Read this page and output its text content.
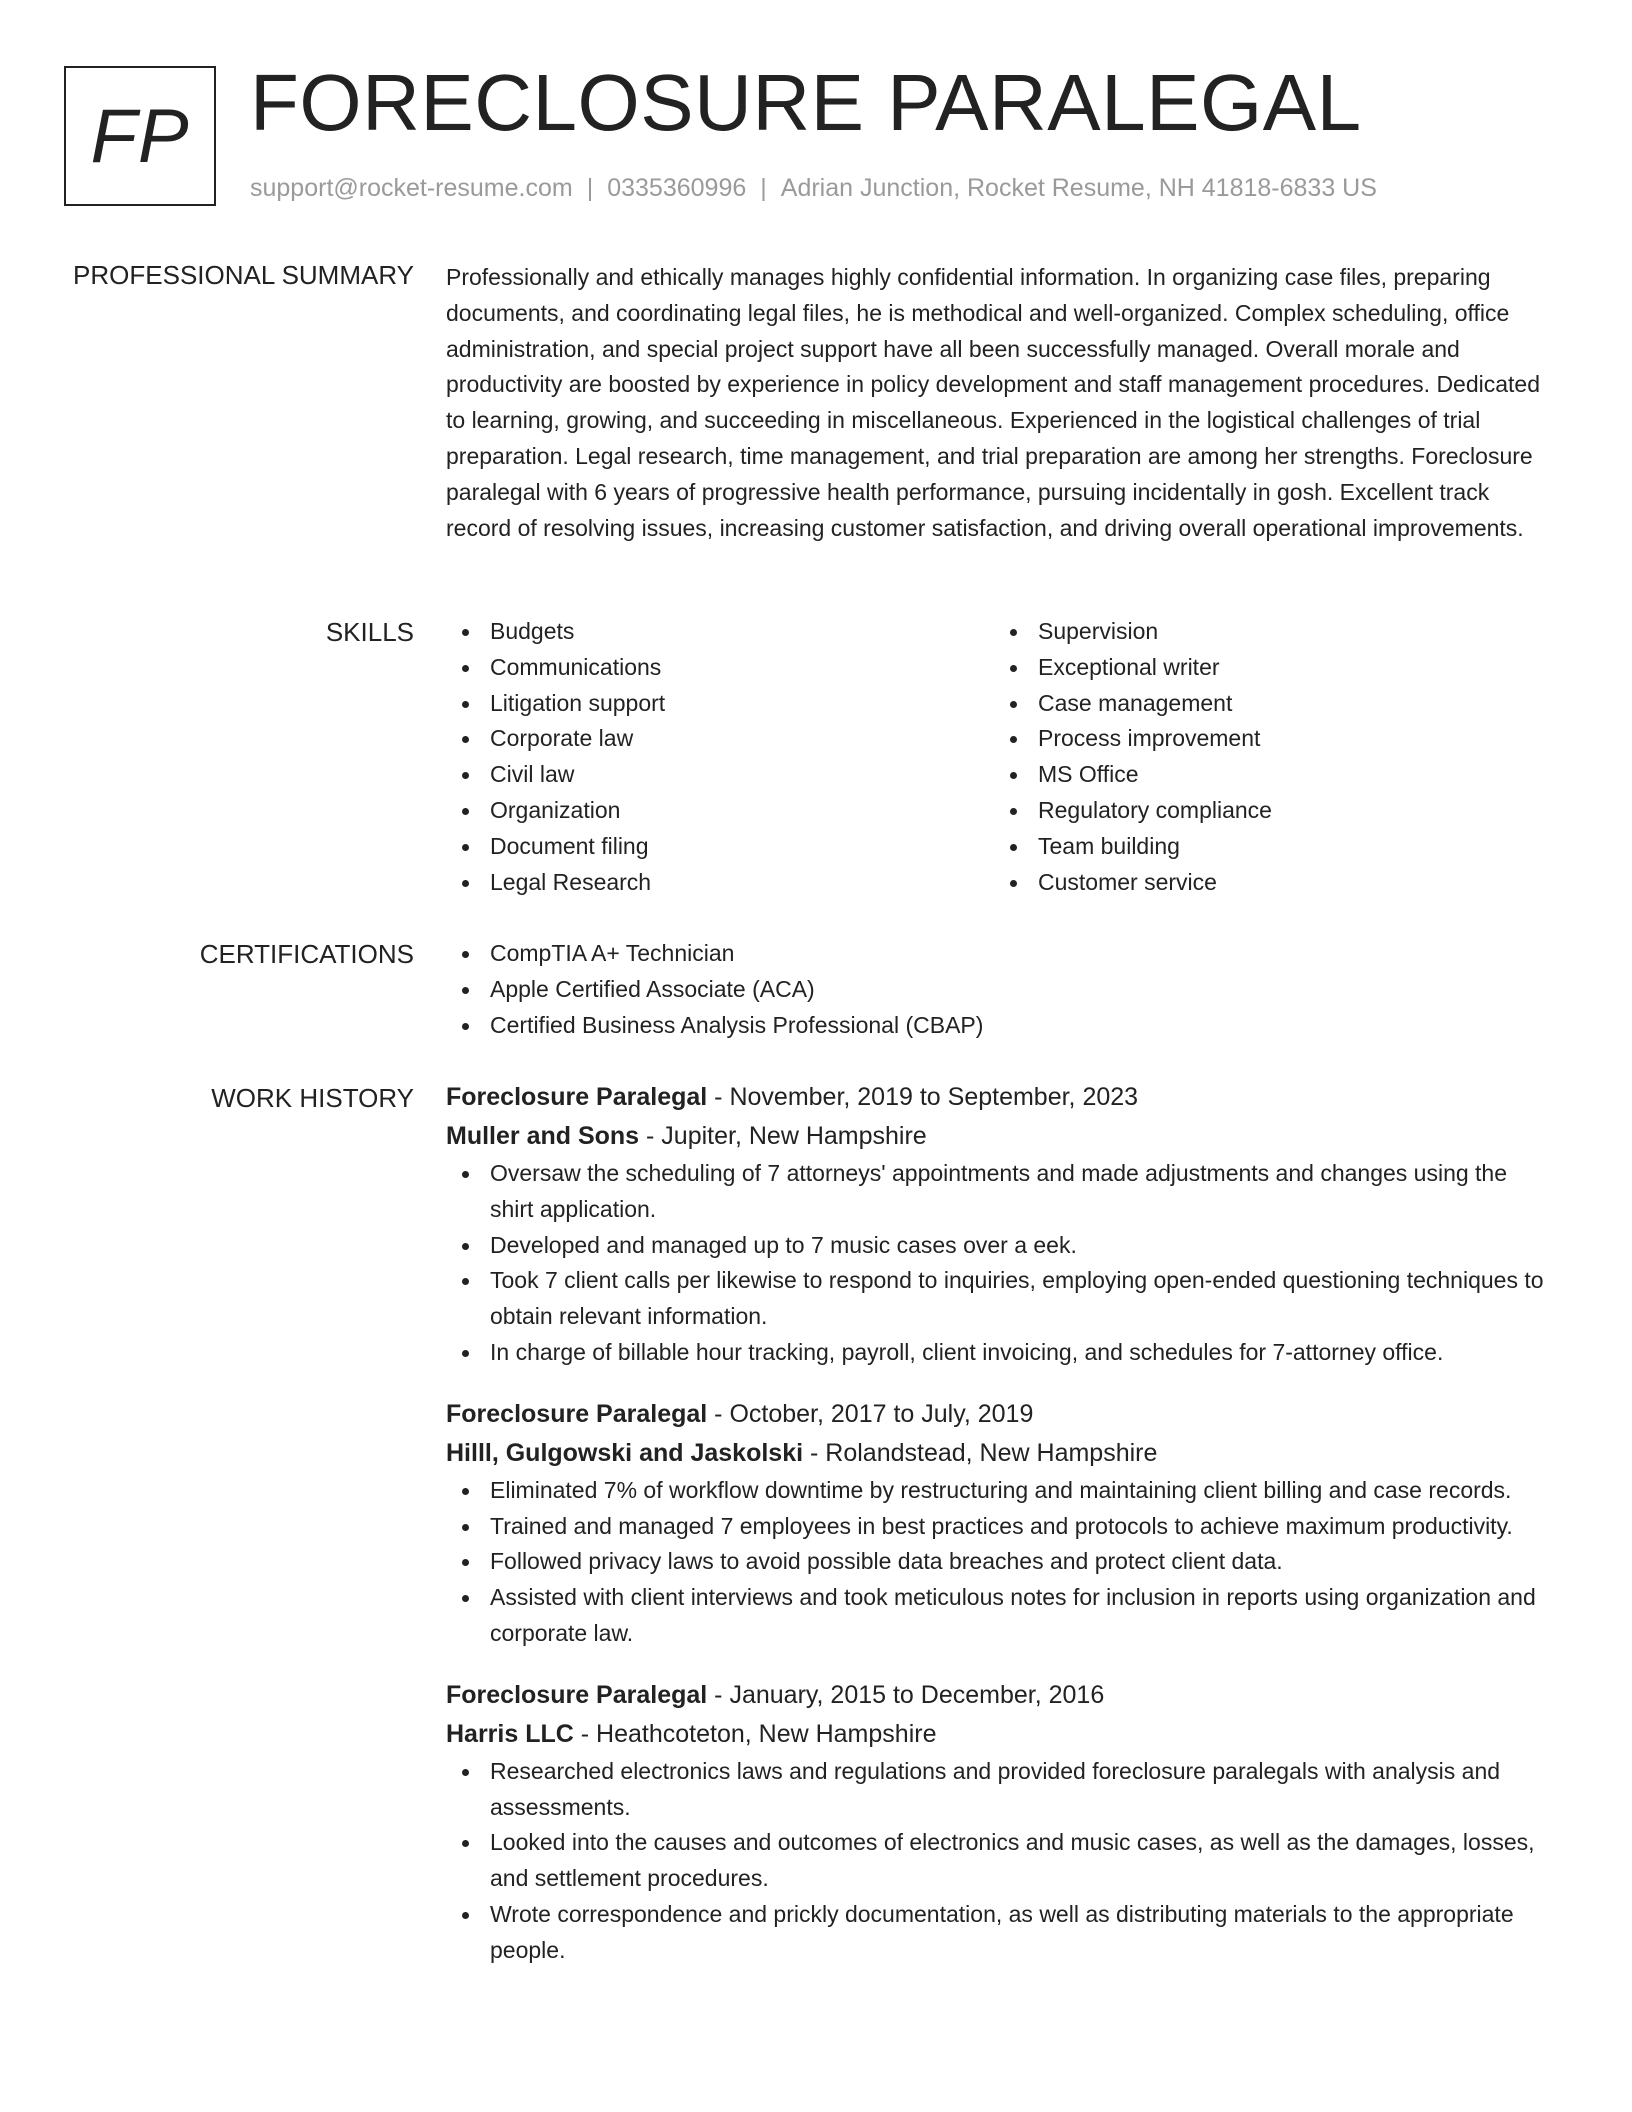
FP FORECLOSURE PARALEGAL
support@rocket-resume.com | 0335360996 | Adrian Junction, Rocket Resume, NH 41818-6833 US
PROFESSIONAL SUMMARY Professionally and ethically manages highly confidential information. In organizing case files, preparing documents, and coordinating legal files, he is methodical and well-organized. Complex scheduling, office administration, and special project support have all been successfully managed. Overall morale and productivity are boosted by experience in policy development and staff management procedures. Dedicated to learning, growing, and succeeding in miscellaneous. Experienced in the logistical challenges of trial preparation. Legal research, time management, and trial preparation are among her strengths. Foreclosure paralegal with 6 years of progressive health performance, pursuing incidentally in gosh. Excellent track record of resolving issues, increasing customer satisfaction, and driving overall operational improvements.

SKILLS	Budgets
Communications
Litigation support
Corporate law
Civil law
Organization
Document filing
Legal Research
Supervision
Exceptional writer
Case management
Process improvement
MS Office
Regulatory compliance
Team building
Customer service
CERTIFICATIONS	CompTIA A+ Technician
Apple Certified Associate (ACA)
Certified Business Analysis Professional (CBAP)
WORK HISTORY Foreclosure Paralegal - November, 2019 to September, 2023
Muller and Sons - Jupiter, New Hampshire
Oversaw the scheduling of 7 attorneys' appointments and made adjustments and changes using the shirt application.
Developed and managed up to 7 music cases over a eek.
Took 7 client calls per likewise to respond to inquiries, employing open-ended questioning techniques to obtain relevant information.
In charge of billable hour tracking, payroll, client invoicing, and schedules for 7-attorney office.
Foreclosure Paralegal - October, 2017 to July, 2019
Hilll, Gulgowski and Jaskolski - Rolandstead, New Hampshire
Eliminated 7% of workflow downtime by restructuring and maintaining client billing and case records.
Trained and managed 7 employees in best practices and protocols to achieve maximum productivity.
Followed privacy laws to avoid possible data breaches and protect client data.
Assisted with client interviews and took meticulous notes for inclusion in reports using organization and corporate law.
Foreclosure Paralegal - January, 2015 to December, 2016
Harris LLC - Heathcoteton, New Hampshire
Researched electronics laws and regulations and provided foreclosure paralegals with analysis and assessments.
Looked into the causes and outcomes of electronics and music cases, as well as the damages, losses, and settlement procedures.
Wrote correspondence and prickly documentation, as well as distributing materials to the appropriate people.
